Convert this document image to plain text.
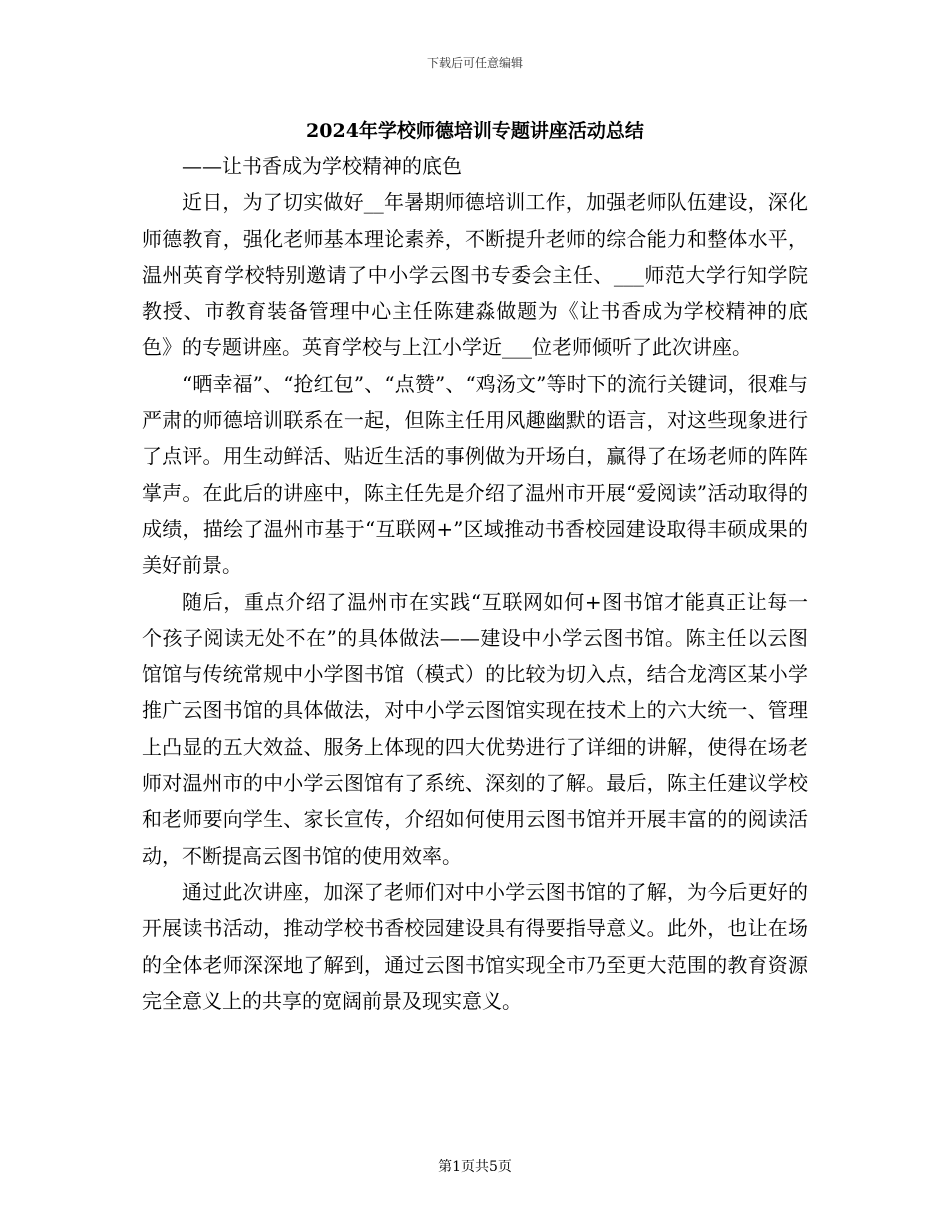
下载后可任意编辑
2024年学校师德培训专题讲座活动总结

——让书香成为学校精神的底色

近日，为了切实做好__年暑期师德培训工作，加强老师队伍建设，深化师德教育，强化老师基本理论素养，不断提升老师的综合能力和整体水平，温州英育学校特别邀请了中小学云图书专委会主任、___师范大学行知学院教授、市教育装备管理中心主任陈建淼做题为《让书香成为学校精神的底色》的专题讲座。英育学校与上江小学近___位老师倾听了此次讲座。

“晒幸福”、“抢红包”、“点赞”、“鸡汤文”等时下的流行关键词，很难与严肃的师德培训联系在一起，但陈主任用风趣幽默的语言，对这些现象进行了点评。用生动鲜活、贴近生活的事例做为开场白，赢得了在场老师的阵阵掌声。在此后的讲座中，陈主任先是介绍了温州市开展“爱阅读”活动取得的成绩，描绘了温州市基于“互联网+”区域推动书香校园建设取得丰硕成果的美好前景。

随后，重点介绍了温州市在实践“互联网如何+图书馆才能真正让每一个孩子阅读无处不在”的具体做法——建设中小学云图书馆。陈主任以云图馆馆与传统常规中小学图书馆（模式）的比较为切入点，结合龙湾区某小学推广云图书馆的具体做法，对中小学云图馆实现在技术上的六大统一、管理上凸显的五大效益、服务上体现的四大优势进行了详细的讲解，使得在场老师对温州市的中小学云图馆有了系统、深刻的了解。最后，陈主任建议学校和老师要向学生、家长宣传，介绍如何使用云图书馆并开展丰富的的阅读活动，不断提高云图书馆的使用效率。

通过此次讲座，加深了老师们对中小学云图书馆的了解，为今后更好的开展读书活动，推动学校书香校园建设具有得要指导意义。此外，也让在场的全体老师深深地了解到，通过云图书馆实现全市乃至更大范围的教育资源完全意义上的共享的宽阔前景及现实意义。

第1页共5页
